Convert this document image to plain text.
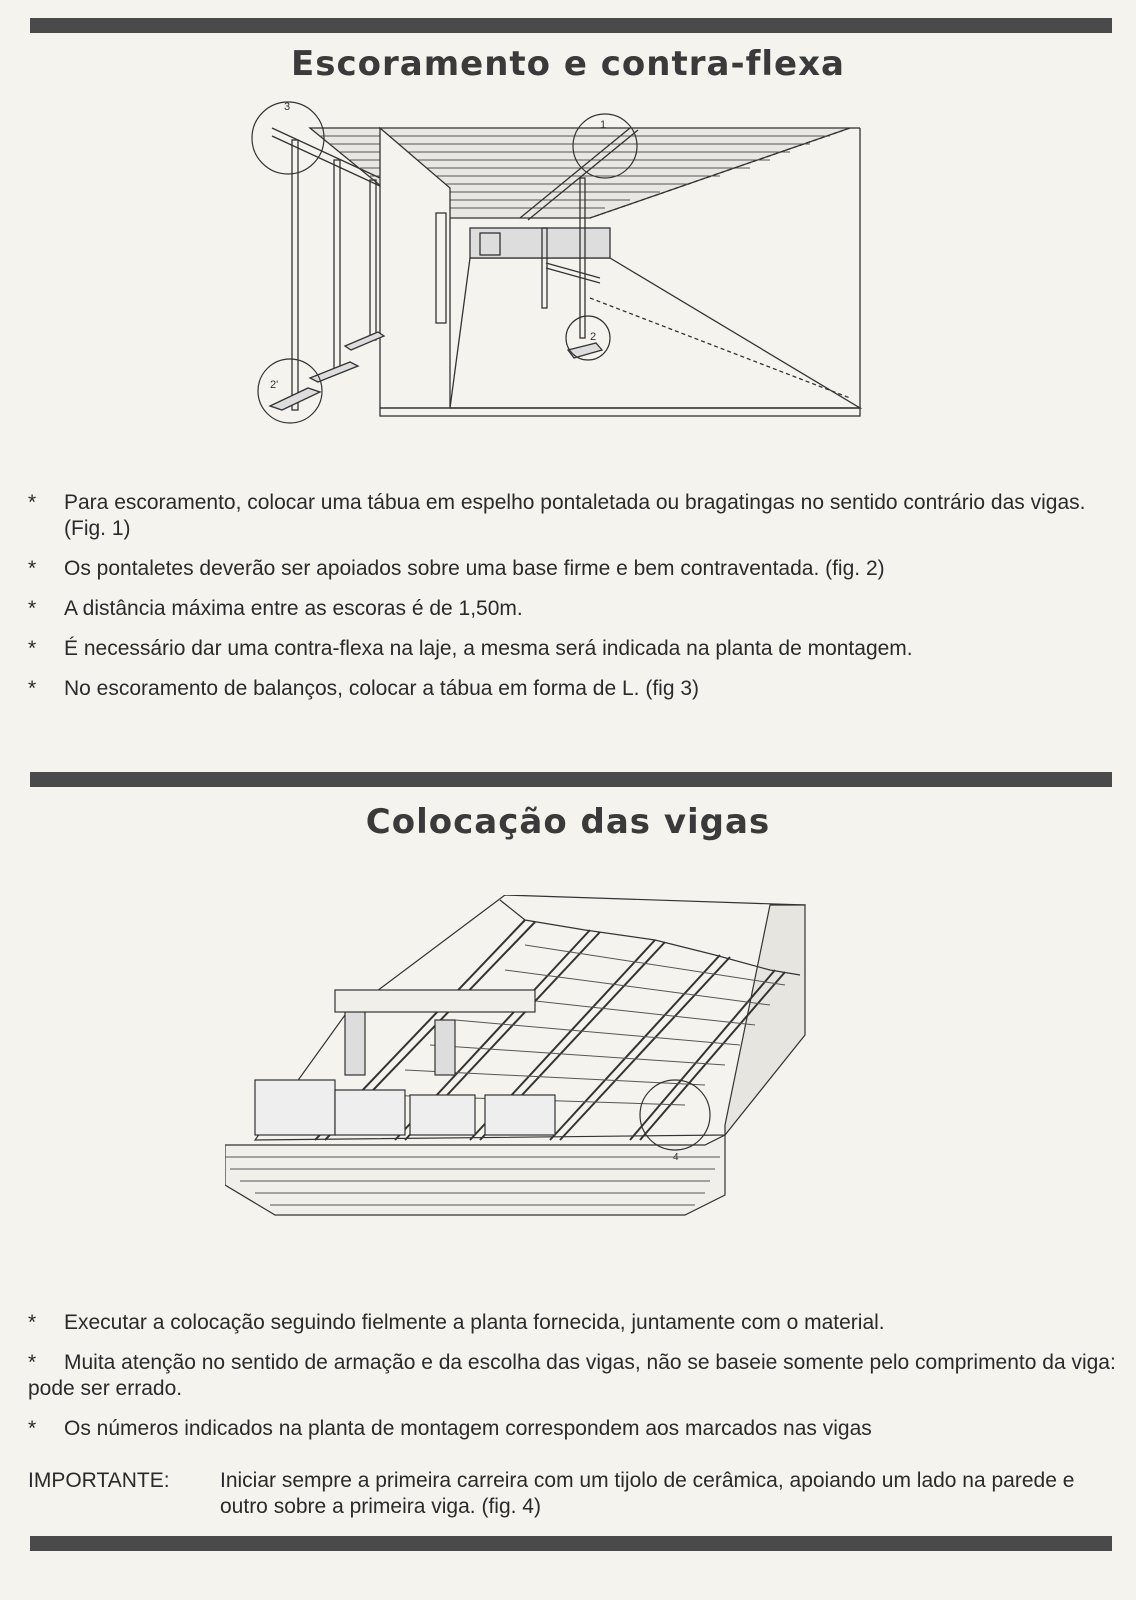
Escoramento e contra-flexa
3
1
2'
2
* Para escoramento, colocar uma tábua em espelho pontaletada ou bragatingas no sentido contrário das vigas. (Fig. 1)
* Os pontaletes deverão ser apoiados sobre uma base firme e bem contraventada. (fig. 2)
* A distância máxima entre as escoras é de 1,50m.
* É necessário dar uma contra-flexa na laje, a mesma será indicada na planta de montagem.
* No escoramento de balanços, colocar a tábua em forma de L. (fig 3)
Colocação das vigas
4
* Executar a colocação seguindo fielmente a planta fornecida, juntamente com o material.
* Muita atenção no sentido de armação e da escolha das vigas, não se baseie somente pelo comprimento da viga: pode ser errado.
* Os números indicados na planta de montagem correspondem aos marcados nas vigas
IMPORTANTE: Iniciar sempre a primeira carreira com um tijolo de cerâmica, apoiando um lado na parede e outro sobre a primeira viga. (fig. 4)
